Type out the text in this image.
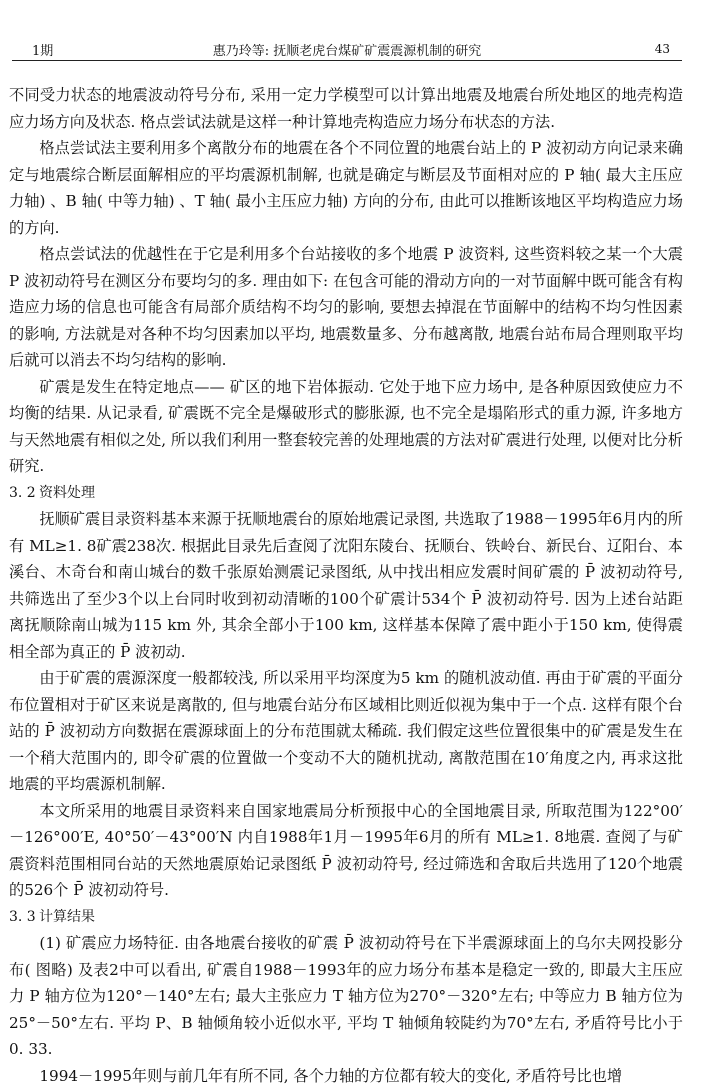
1期	惠乃玲等: 抚顺老虎台煤矿矿震震源机制的研究	43

不同受力状态的地震波动符号分布, 采用一定力学模型可以计算出地震及地震台所处地区的地壳构造应力场方向及状态. 格点尝试法就是这样一种计算地壳构造应力场分布状态的方法.

格点尝试法主要利用多个离散分布的地震在各个不同位置的地震台站上的 P 波初动方向记录来确定与地震综合断层面解相应的平均震源机制解, 也就是确定与断层及节面相对应的 P 轴( 最大主压应力轴) 、B 轴( 中等力轴) 、T 轴( 最小主压应力轴) 方向的分布, 由此可以推断该地区平均构造应力场的方向.

格点尝试法的优越性在于它是利用多个台站接收的多个地震 P 波资料, 这些资料较之某一个大震 P 波初动符号在测区分布要均匀的多. 理由如下: 在包含可能的滑动方向的一对节面解中既可能含有构造应力场的信息也可能含有局部介质结构不均匀的影响, 要想去掉混在节面解中的结构不均匀性因素的影响, 方法就是对各种不均匀因素加以平均, 地震数量多、分布越离散, 地震台站布局合理则取平均后就可以消去不均匀结构的影响.

矿震是发生在特定地点—— 矿区的地下岩体振动. 它处于地下应力场中, 是各种原因致使应力不均衡的结果. 从记录看, 矿震既不完全是爆破形式的膨胀源, 也不完全是塌陷形式的重力源, 许多地方与天然地震有相似之处, 所以我们利用一整套较完善的处理地震的方法对矿震进行处理, 以便对比分析研究.

3. 2 资料处理

抚顺矿震目录资料基本来源于抚顺地震台的原始地震记录图, 共选取了1988－1995年6月内的所有 ML≥1. 8矿震238次. 根据此目录先后查阅了沈阳东陵台、抚顺台、铁岭台、新民台、辽阳台、本溪台、木奇台和南山城台的数千张原始测震记录图纸, 从中找出相应发震时间矿震的 P̄ 波初动符号, 共筛选出了至少3个以上台同时收到初动清晰的100个矿震计534个 P̄ 波初动符号. 因为上述台站距离抚顺除南山城为115 km 外, 其余全部小于100 km, 这样基本保障了震中距小于150 km, 使得震相全部为真正的 P̄ 波初动.

由于矿震的震源深度一般都较浅, 所以采用平均深度为5 km 的随机波动值. 再由于矿震的平面分布位置相对于矿区来说是离散的, 但与地震台站分布区域相比则近似视为集中于一个点. 这样有限个台站的 P̄ 波初动方向数据在震源球面上的分布范围就太稀疏. 我们假定这些位置很集中的矿震是发生在一个稍大范围内的, 即令矿震的位置做一个变动不大的随机扰动, 离散范围在10′角度之内, 再求这批地震的平均震源机制解.

本文所采用的地震目录资料来自国家地震局分析预报中心的全国地震目录, 所取范围为122°00′－126°00′E, 40°50′－43°00′N 内自1988年1月－1995年6月的所有 ML≥1. 8地震. 查阅了与矿震资料范围相同台站的天然地震原始记录图纸 P̄ 波初动符号, 经过筛选和舍取后共选用了120个地震的526个 P̄ 波初动符号.

3. 3 计算结果

(1) 矿震应力场特征. 由各地震台接收的矿震 P̄ 波初动符号在下半震源球面上的乌尔夫网投影分布( 图略) 及表2中可以看出, 矿震自1988－1993年的应力场分布基本是稳定一致的, 即最大主压应力 P 轴方位为120°－140°左右; 最大主张应力 T 轴方位为270°－320°左右; 中等应力 B 轴方位为25°－50°左右. 平均 P、B 轴倾角较小近似水平, 平均 T 轴倾角较陡约为70°左右, 矛盾符号比小于0. 33.

1994－1995年则与前几年有所不同, 各个力轴的方位都有较大的变化, 矛盾符号比也增
